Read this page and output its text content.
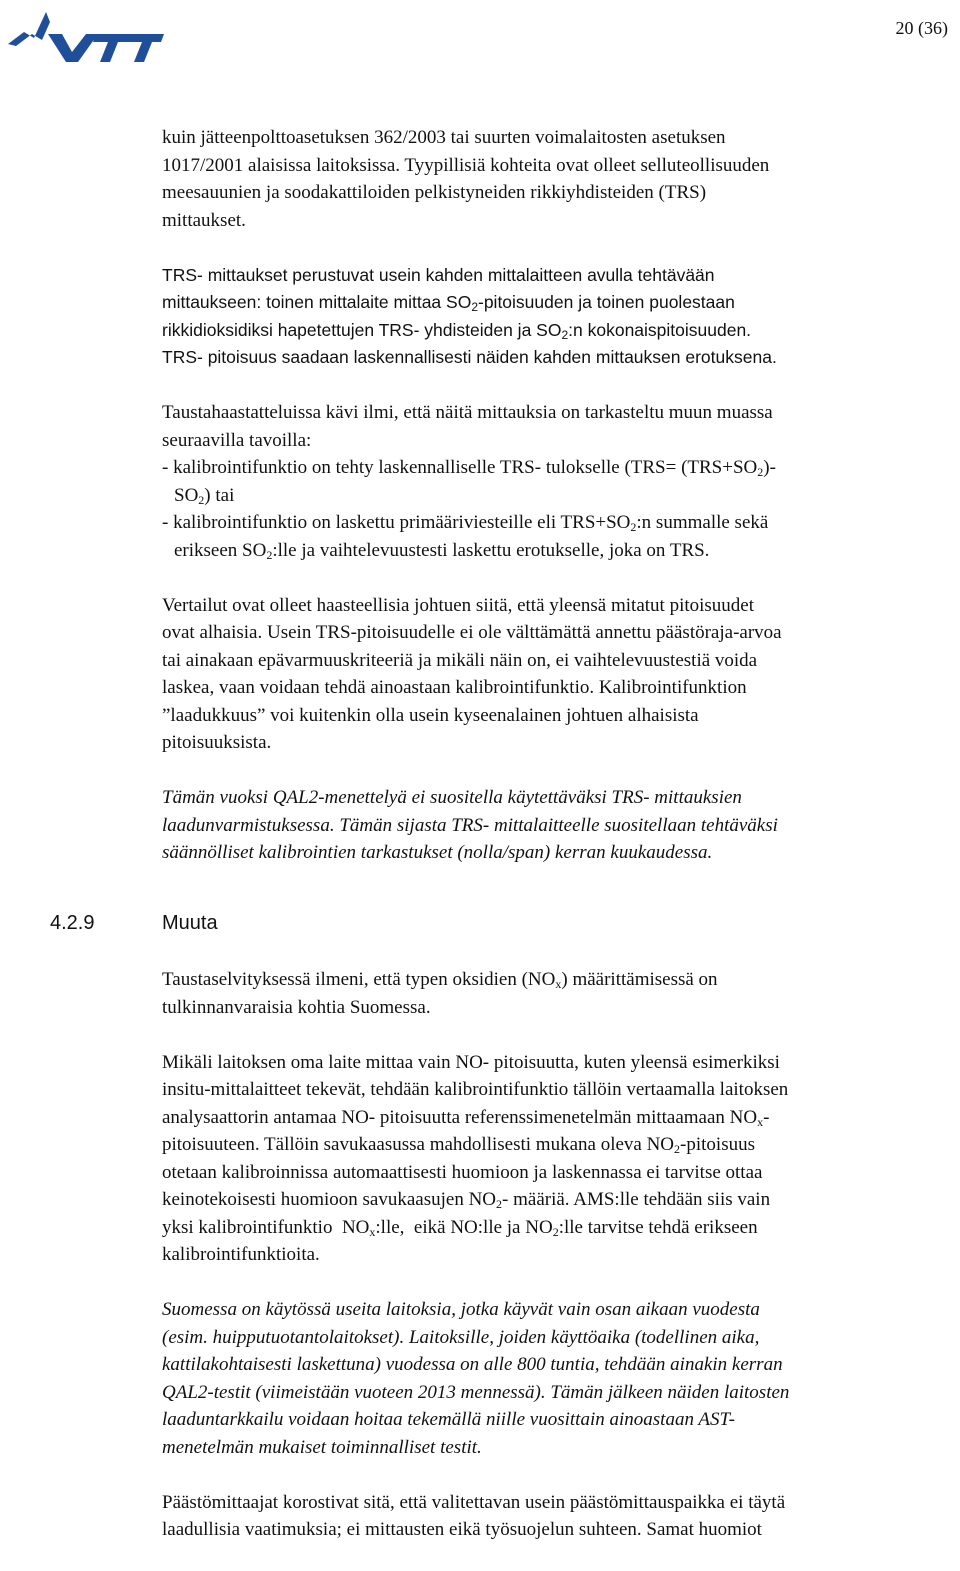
20 (36)
kuin jätteenpolttoasetuksen 362/2003 tai suurten voimalaitosten asetuksen
1017/2001 alaisissa laitoksissa. Tyypillisiä kohteita ovat olleet selluteollisuuden
meesauunien ja soodakattiloiden pelkistyneiden rikkiyhdisteiden (TRS)
mittaukset.
TRS- mittaukset perustuvat usein kahden mittalaitteen avulla tehtävään
mittaukseen: toinen mittalaite mittaa $SO_2$-pitoisuuden ja toinen puolestaan
rikkidioksidiksi hapetettujen TRS- yhdisteiden ja $SO_2:n$ kokonaispitoisuuden.
TRS- pitoisuus saadaan laskennallisesti näiden kahden mittauksen erotuksena.
Taustahaastatteluissa kävi ilmi, että näitä mittauksia on tarkasteltu muun muassa
seuraavilla tavoilla:
- kalibrointifunktio on tehty laskennalliselle TRS- tulokselle ($TRS= (TRS+SO_2)-$
$SO_2$) tai
- kalibrointifunktio on laskettu primääriviesteille eli $TRS+SO_2:n$ summalle sekä
erikseen $SO_2:lle$ ja vaihtelevuustesti laskettu erotukselle, joka on TRS.
Vertailut ovat olleet haasteellisia johtuen siitä, että yleensä mitatut pitoisuudet
ovat alhaisia. Usein TRS-pitoisuudelle ei ole välttämättä annettu päästöraja-arvoa
tai ainakaan epävarmuuskriteeriä ja mikäli näin on, ei vaihtelevuustestiä voida
laskea, vaan voidaan tehdä ainoastaan kalibrointifunktio. Kalibrointifunktion
”laadukkuus” voi kuitenkin olla usein kyseenalainen johtuen alhaisista
pitoisuuksista.
Tämän vuoksi QAL2-menettelyä ei suositella käytettäväksi TRS- mittauksien
laadunvarmistuksessa. Tämän sijasta TRS- mittalaitteelle suositellaan tehtäväksi
säännölliset kalibrointien tarkastukset (nolla/span) kerran kuukaudessa.
4.2.9	Muuta
Taustaselvityksessä ilmeni, että typen oksidien $(NO_x)$ määrittämisessä on
tulkinnanvaraisia kohtia Suomessa.
Mikäli laitoksen oma laite mittaa vain NO- pitoisuutta, kuten yleensä esimerkiksi
insitu-mittalaitteet tekevät, tehdään kalibrointifunktio tällöin vertaamalla laitoksen
analysaattorin antamaa NO- pitoisuutta referenssimenetelmän mittaamaan $NO_x-$
pitoisuuteen. Tällöin savukaasussa mahdollisesti mukana oleva $NO_2$-pitoisuus
otetaan kalibroinnissa automaattisesti huomioon ja laskennassa ei tarvitse ottaa
keinotekoisesti huomioon savukaasujen $NO_2-$ määriä. AMS:lle tehdään siis vain
yksi kalibrointifunktio  $NO_x:lle$,  eikä NO:lle ja $NO_2:lle$ tarvitse tehdä erikseen
kalibrointifunktioita.
Suomessa on käytössä useita laitoksia, jotka käyvät vain osan aikaan vuodesta
(esim. huipputuotantolaitokset). Laitoksille, joiden käyttöaika (todellinen aika,
kattilakohtaisesti laskettuna) vuodessa on alle 800 tuntia, tehdään ainakin kerran
QAL2-testit (viimeistään vuoteen 2013 mennessä). Tämän jälkeen näiden laitosten
laaduntarkkailu voidaan hoitaa tekemällä niille vuosittain ainoastaan AST-
menetelmän mukaiset toiminnalliset testit.
Päästömittaajat korostivat sitä, että valitettavan usein päästömittauspaikka ei täytä
laadullisia vaatimuksia; ei mittausten eikä työsuojelun suhteen. Samat huomiot
